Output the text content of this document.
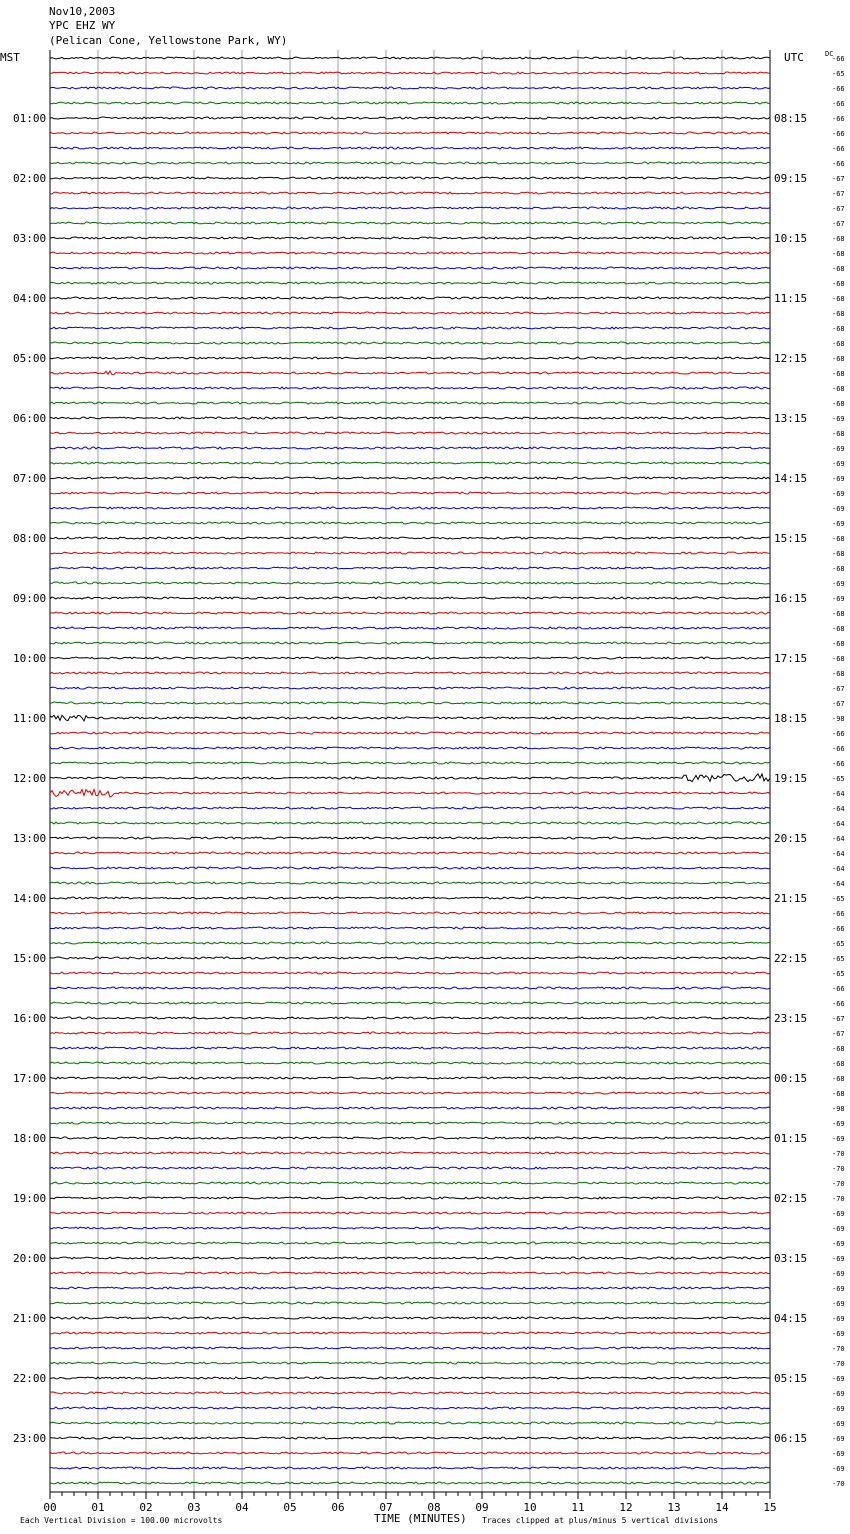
Nov10,2003
YPC EHZ WY
(Pelican Cone, Yellowstone Park, WY)
00	01	02	03	04	05	06	07	08	09	10	11	12	13	14	15
-66
-65
-66
-66
-66
01:00	08:15
-66
-66
-66
-67
02:00	09:15
-67
-67
-67
-68
03:00	10:15
-68
-68
-68
-68
04:00	11:15
-68
-68
-68
-68
05:00	12:15
-68
-68
-68
-69
06:00	13:15
-68
-69
-69
-69
07:00	14:15
-69
-69
-69
-68
08:00	15:15
-68
-68
-69
-69
09:00	16:15
-68
-68
-68
-68
10:00	17:15
-68
-67
-67
-98
11:00	18:15
-66
-66
-66
-65
12:00	19:15
-64
-64
-64
-64
13:00	20:15
-64
-64
-64
-65
14:00	21:15
-66
-66
-65
-65
15:00	22:15
-65
-66
-66
-67
16:00	23:15
-67
-68
-68
-68
17:00	00:15
-68
-98
-69
-69
18:00	01:15
-70
-70
-70
-70
19:00	02:15
-69
-69
-69
-69
20:00	03:15
-69
-69
-69
-69
21:00	04:15
-69
-70
-70
-69
22:00	05:15
-69
-69
-69
-69
23:00	06:15
-69
-69
-70
MST	UTC	DC
TIME (MINUTES)
Each Vertical Division = 100.00 microvolts	Traces clipped at plus/minus 5 vertical divisions
